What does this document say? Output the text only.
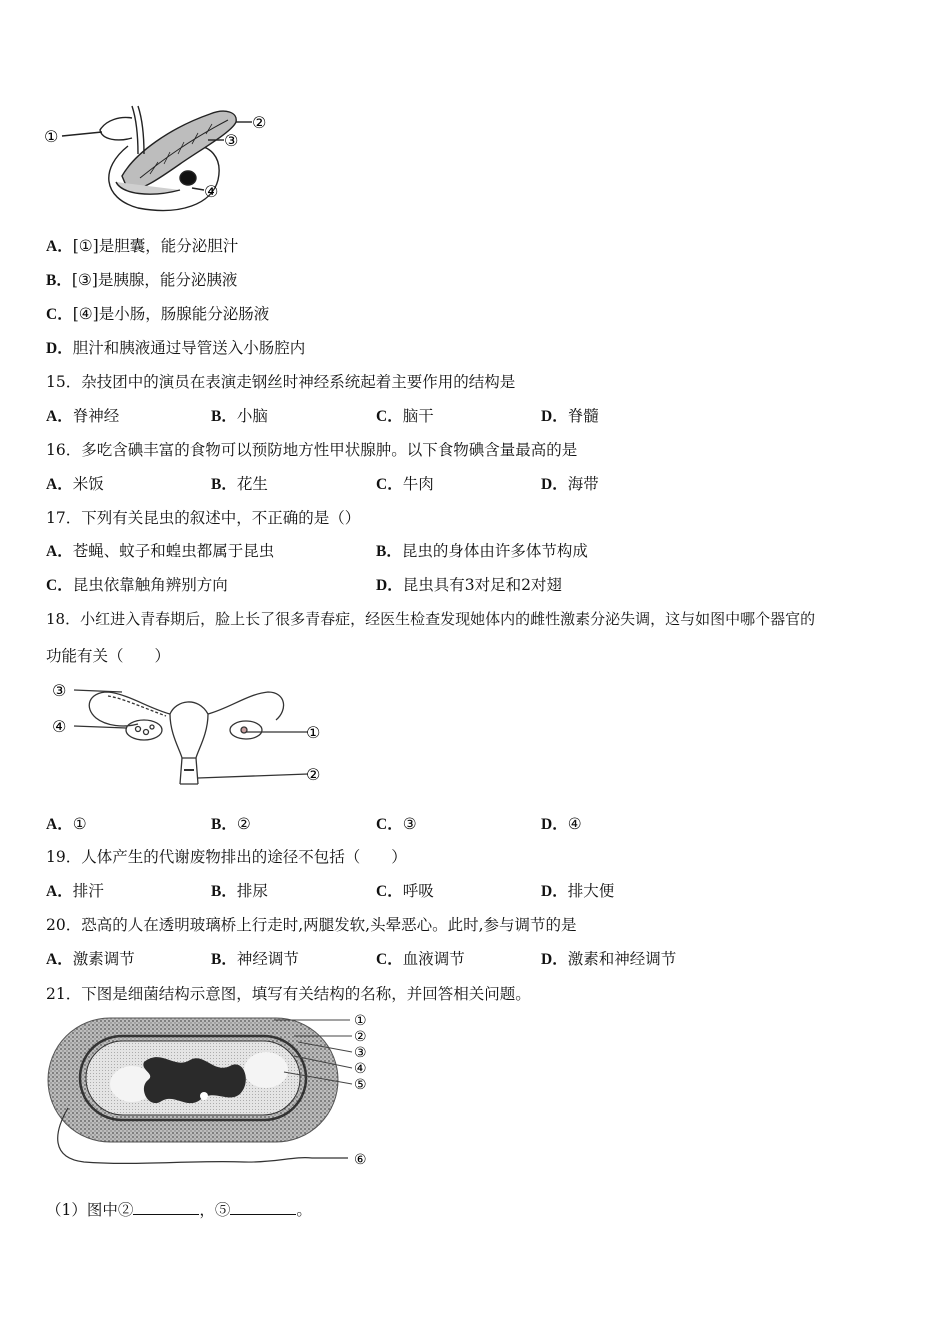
①
②
③
④
A．[①]是胆囊，能分泌胆汁
B．[③]是胰腺，能分泌胰液
C．[④]是小肠，肠腺能分泌肠液
D．胆汁和胰液通过导管送入小肠腔内
15．杂技团中的演员在表演走钢丝时神经系统起着主要作用的结构是
A．脊神经	B．小脑	C．脑干	D．脊髓
16．多吃含碘丰富的食物可以预防地方性甲状腺肿。以下食物碘含量最高的是
A．米饭	B．花生	C．牛肉	D．海带
17．下列有关昆虫的叙述中，不正确的是（）
A．苍蝇、蚊子和蝗虫都属于昆虫	B．昆虫的身体由许多体节构成
C．昆虫依靠触角辨别方向	D．昆虫具有3对足和2对翅
18．小红进入青春期后，脸上长了很多青春症，经医生检查发现她体内的雌性激素分泌失调，这与如图中哪个器官的
功能有关（　　）
③
④	①
②
A．①	B．②	C．③	D．④
19．人体产生的代谢废物排出的途径不包括（　　）
A．排汗	B．排尿	C．呼吸	D．排大便
20．恐高的人在透明玻璃桥上行走时,两腿发软,头晕恶心。此时,参与调节的是
A．激素调节	B．神经调节	C．血液调节	D．激素和神经调节
21．下图是细菌结构示意图，填写有关结构的名称，并回答相关问题。
①
②
③
④
⑤
⑥
（1）图中②	，⑤	。
